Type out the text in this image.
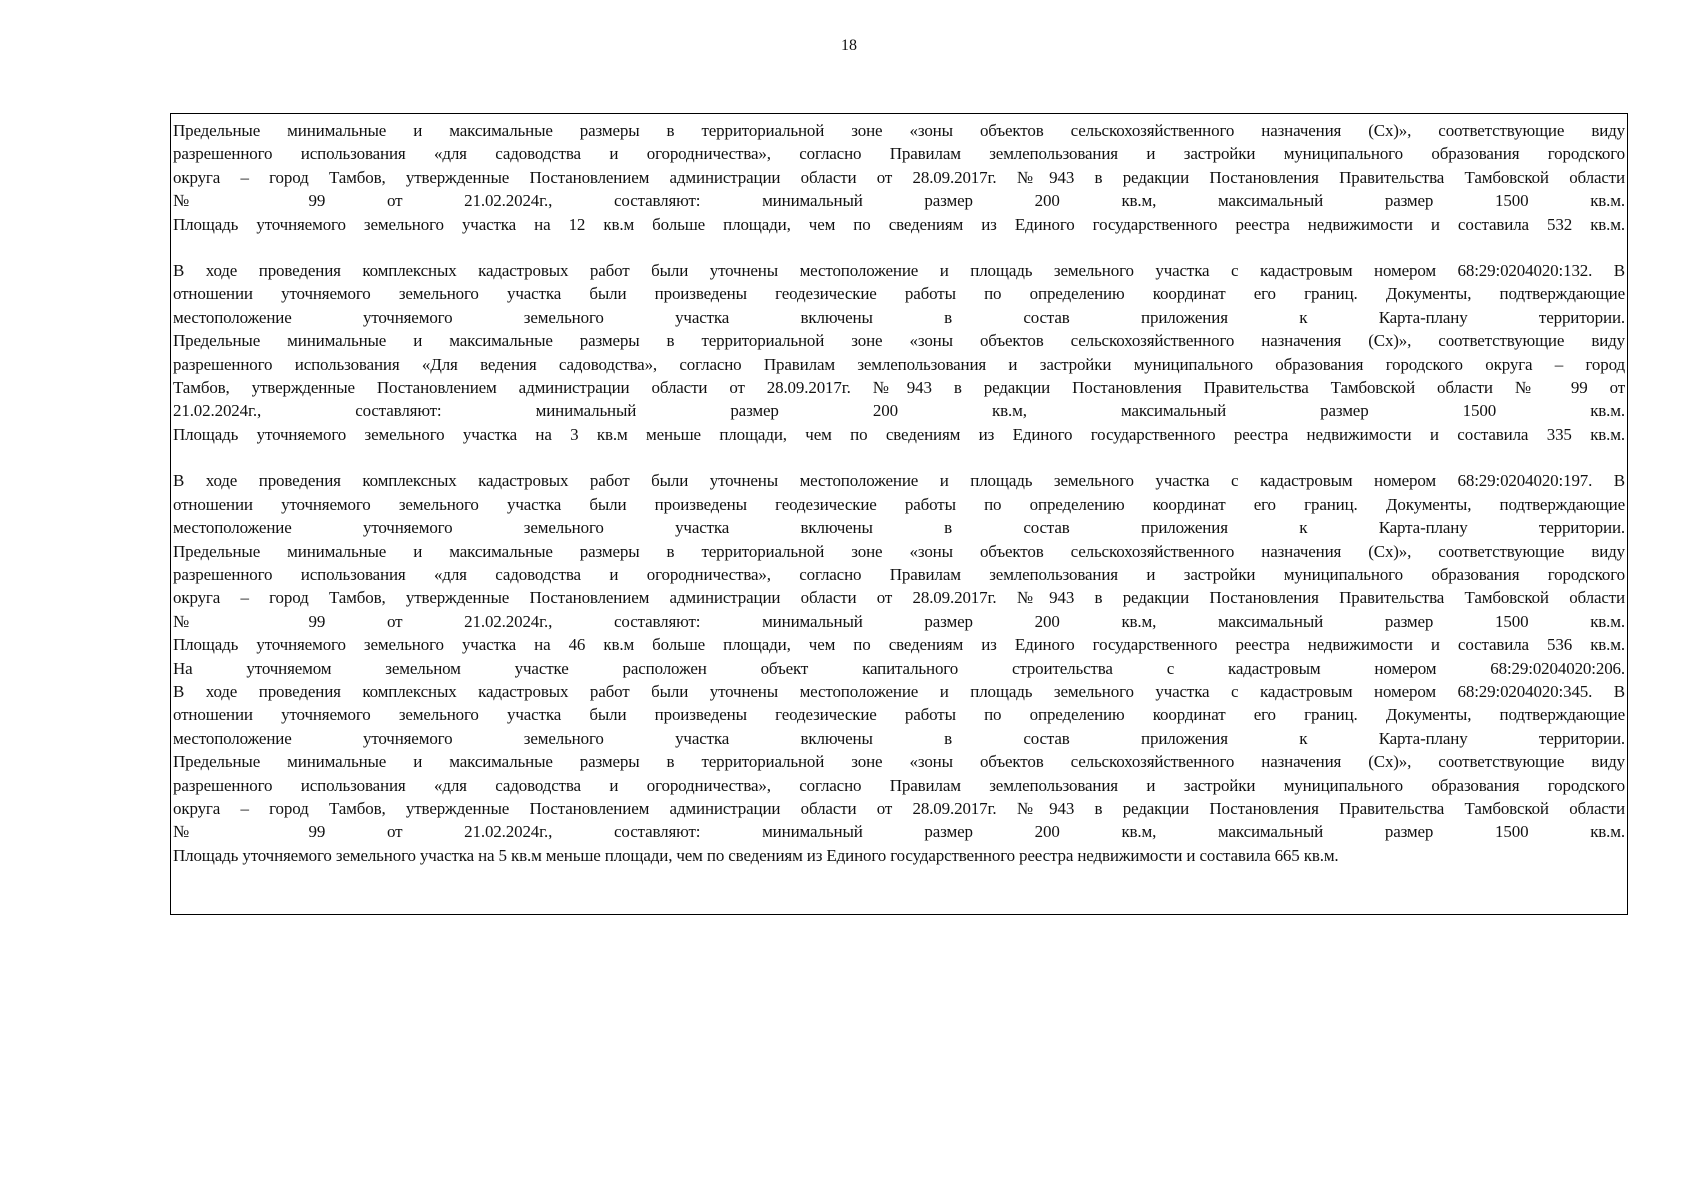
18
Предельные минимальные и максимальные размеры в территориальной зоне «зоны объектов сельскохозяйственного назначения (Сх)», соответствующие виду
разрешенного использования «для садоводства и огородничества», согласно Правилам землепользования и застройки муниципального образования городского
округа – город Тамбов, утвержденные Постановлением администрации области от 28.09.2017г. №943 в редакции Постановления Правительства Тамбовской области
№ 99 от 21.02.2024г., составляют: минимальный размер 200 кв.м, максимальный размер 1500 кв.м.
Площадь уточняемого земельного участка на 12 кв.м больше площади, чем по сведениям из Единого государственного реестра недвижимости и составила 532 кв.м.
В ходе проведения комплексных кадастровых работ были уточнены местоположение и площадь земельного участка с кадастровым номером 68:29:0204020:132. В
отношении уточняемого земельного участка были произведены геодезические работы по определению координат его границ. Документы, подтверждающие
местоположение уточняемого земельного участка включены в состав приложения к Карта-плану территории.
Предельные минимальные и максимальные размеры в территориальной зоне «зоны объектов сельскохозяйственного назначения (Сх)», соответствующие виду
разрешенного использования «Для ведения садоводства», согласно Правилам землепользования и застройки муниципального образования городского округа – город
Тамбов, утвержденные Постановлением администрации области от 28.09.2017г. №943 в редакции Постановления Правительства Тамбовской области № 99 от
21.02.2024г., составляют: минимальный размер 200 кв.м, максимальный размер 1500 кв.м.
Площадь уточняемого земельного участка на 3 кв.м меньше площади, чем по сведениям из Единого государственного реестра недвижимости и составила 335 кв.м.
В ходе проведения комплексных кадастровых работ были уточнены местоположение и площадь земельного участка с кадастровым номером 68:29:0204020:197. В
отношении уточняемого земельного участка были произведены геодезические работы по определению координат его границ. Документы, подтверждающие
местоположение уточняемого земельного участка включены в состав приложения к Карта-плану территории.
Предельные минимальные и максимальные размеры в территориальной зоне «зоны объектов сельскохозяйственного назначения (Сх)», соответствующие виду
разрешенного использования «для садоводства и огородничества», согласно Правилам землепользования и застройки муниципального образования городского
округа – город Тамбов, утвержденные Постановлением администрации области от 28.09.2017г. №943 в редакции Постановления Правительства Тамбовской области
№ 99 от 21.02.2024г., составляют: минимальный размер 200 кв.м, максимальный размер 1500 кв.м.
Площадь уточняемого земельного участка на 46 кв.м больше площади, чем по сведениям из Единого государственного реестра недвижимости и составила 536 кв.м.
На уточняемом земельном участке расположен объект капитального строительства с кадастровым номером 68:29:0204020:206.
В ходе проведения комплексных кадастровых работ были уточнены местоположение и площадь земельного участка с кадастровым номером 68:29:0204020:345. В
отношении уточняемого земельного участка были произведены геодезические работы по определению координат его границ. Документы, подтверждающие
местоположение уточняемого земельного участка включены в состав приложения к Карта-плану территории.
Предельные минимальные и максимальные размеры в территориальной зоне «зоны объектов сельскохозяйственного назначения (Сх)», соответствующие виду
разрешенного использования «для садоводства и огородничества», согласно Правилам землепользования и застройки муниципального образования городского
округа – город Тамбов, утвержденные Постановлением администрации области от 28.09.2017г. №943 в редакции Постановления Правительства Тамбовской области
№ 99 от 21.02.2024г., составляют: минимальный размер 200 кв.м, максимальный размер 1500 кв.м.
Площадь уточняемого земельного участка на 5 кв.м меньше площади, чем по сведениям из Единого государственного реестра недвижимости и составила 665 кв.м.
